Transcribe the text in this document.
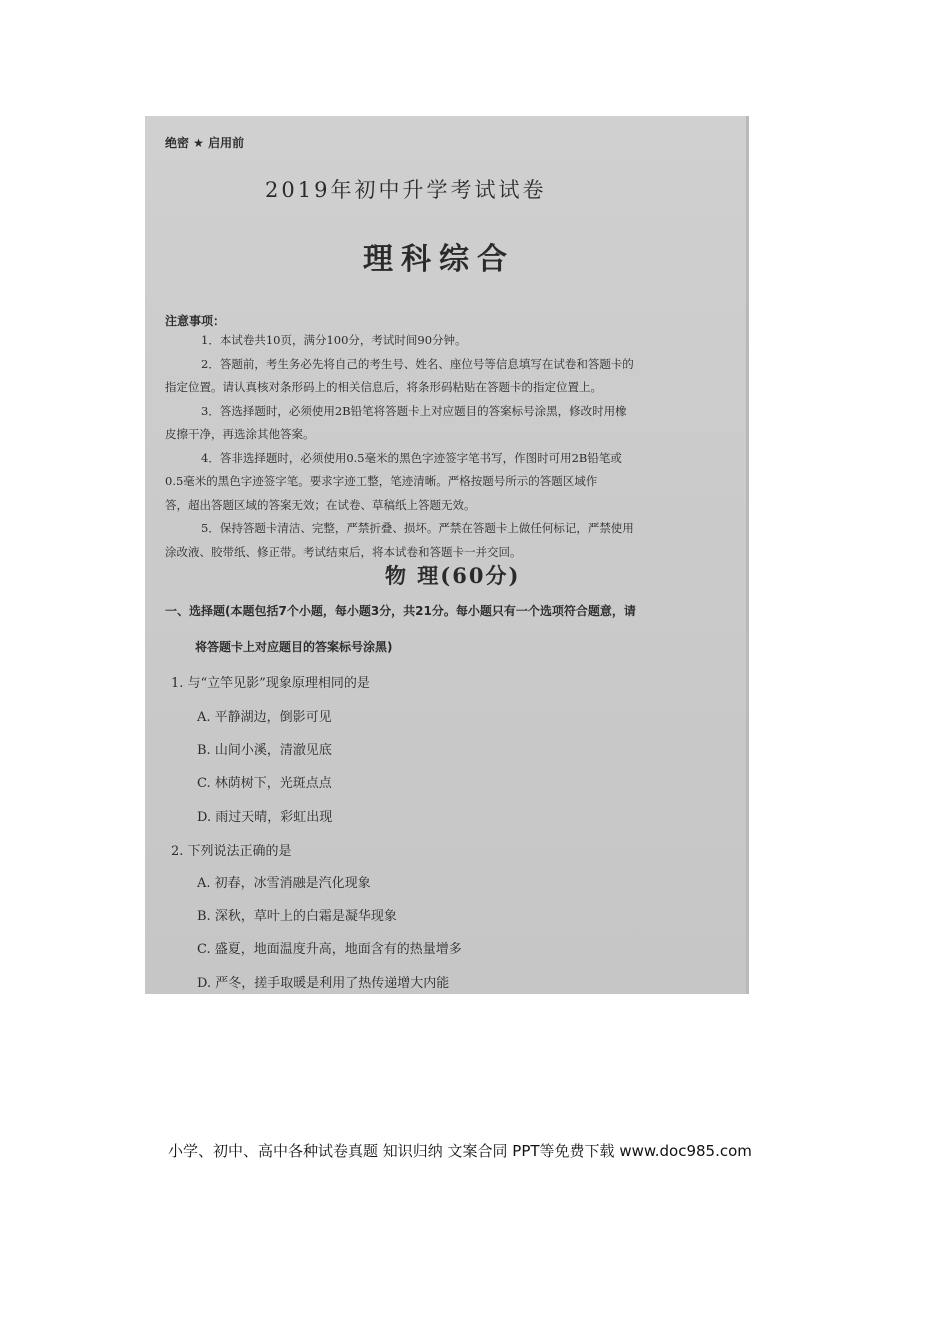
绝密 ★ 启用前
2019年初中升学考试试卷
理科综合
注意事项：
1．本试卷共10页，满分100分，考试时间90分钟。
2．答题前，考生务必先将自己的考生号、姓名、座位号等信息填写在试卷和答题卡的
指定位置。请认真核对条形码上的相关信息后，将条形码粘贴在答题卡的指定位置上。
3．答选择题时，必须使用2B铅笔将答题卡上对应题目的答案标号涂黑，修改时用橡
皮擦干净，再选涂其他答案。
4．答非选择题时，必须使用0.5毫米的黑色字迹签字笔书写，作图时可用2B铅笔或
0.5毫米的黑色字迹签字笔。要求字迹工整，笔迹清晰。严格按题号所示的答题区域作
答，超出答题区域的答案无效；在试卷、草稿纸上答题无效。
5．保持答题卡清洁、完整，严禁折叠、损坏。严禁在答题卡上做任何标记，严禁使用
涂改液、胶带纸、修正带。考试结束后，将本试卷和答题卡一并交回。
物 理(60分)
一、选择题(本题包括7个小题，每小题3分，共21分。每小题只有一个选项符合题意，请
将答题卡上对应题目的答案标号涂黑)
1. 与“立竿见影”现象原理相同的是
A. 平静湖边，倒影可见
B. 山间小溪，清澈见底
C. 林荫树下，光斑点点
D. 雨过天晴，彩虹出现
2. 下列说法正确的是
A. 初春，冰雪消融是汽化现象
B. 深秋，草叶上的白霜是凝华现象
C. 盛夏，地面温度升高，地面含有的热量增多
D. 严冬，搓手取暖是利用了热传递增大内能
小学、初中、高中各种试卷真题 知识归纳 文案合同 PPT等免费下载 www.doc985.com
